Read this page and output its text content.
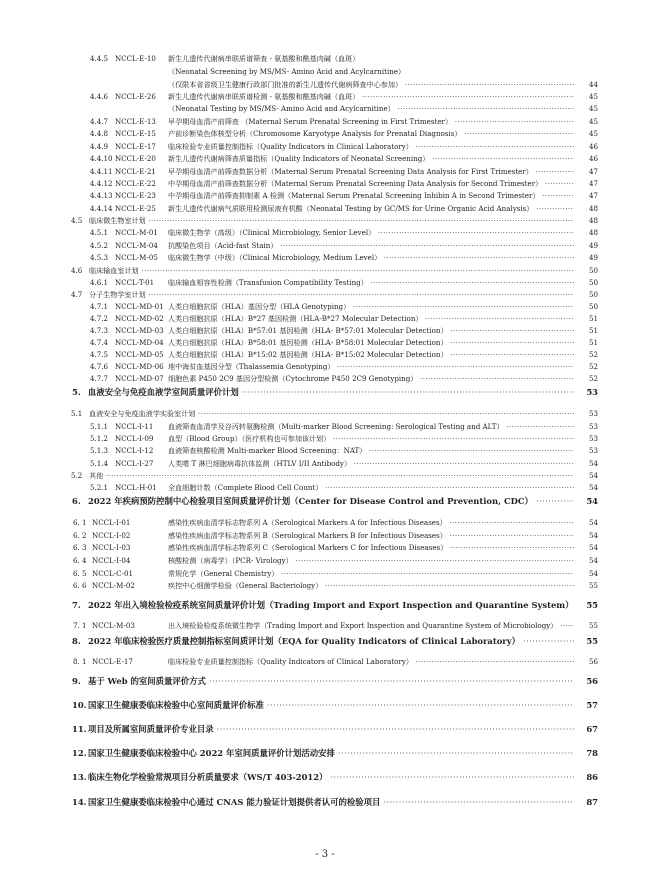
4.4.5 NCCL-E-10 新生儿遗传代谢病串联质谱筛查 - 氨基酸和酰基肉碱（血斑）
（Neonatal Screening by MS/MS- Amino Acid and Acylcarnitine）
（仅限本省省级卫生健康行政部门批准的新生儿遗传代谢病筛查中心参加） ·····	44
4.4.6 NCCL-E-26 新生儿遗传代谢病串联质谱检测 - 氨基酸和酰基肉碱（血斑） ·····	45
（Neonatal Testing by MS/MS- Amino Acid and Acylcarnitine） ·····	45
4.4.7 NCCL-E-13 早孕期母血清产前筛查 （Maternal Serum Prenatal Screening in First Trimester） ·····	45
4.4.8 NCCL-E-15 产前诊断染色体核型分析（Chromosome Karyotype Analysis for Prenatal Diagnosis） ·····	45
4.4.9 NCCL-E-17 临床检验专业质量控制指标（Quality Indicators in Clinical Laboratory） ·····	46
4.4.10 NCCL-E-20 新生儿遗传代谢病筛查质量指标（Quality Indicators of Neonatal Screening） ·····	46
4.4.11 NCCL-E-21 早孕期母血清产前筛查数据分析（Maternal Serum Prenatal Screening Data Analysis for First Trimester） ·····	47
4.4.12 NCCL-E-22 中孕期母血清产前筛查数据分析（Maternal Serum Prenatal Screening Data Analysis for Second Trimester） ·····	47
4.4.13 NCCL-E-23 中孕期母血清产前筛查抑制素 A 检测（Maternal Serum Prenatal Screening Inhibin A in Second Trimester） ·····	47
4.4.14 NCCL-E-25 新生儿遗传代谢病气质联用检测尿液有机酸（Neonatal Testing by GC/MS for Urine Organic Acid Analysis） ·····	48
4.5 临床微生物室计划 ·····	48
4.5.1 NCCL-M-01 临床微生物学（高级）（Clinical Microbiology, Senior Level） ·····	48
4.5.2 NCCL-M-04 抗酸染色项目（Acid-fast Stain） ·····	49
4.5.3 NCCL-M-05 临床微生物学（中级）（Clinical Microbiology, Medium Level） ·····	49
4.6 临床输血室计划 ·····	50
4.6.1 NCCL-T-01 临床输血相容性检测（Transfusion Compatibility Testing） ·····	50
4.7 分子生物学室计划 ·····	50
4.7.1 NCCL-MD-01 人类白细胞抗原（HLA）基因分型（HLA Genotyping） ·····	50
4.7.2 NCCL-MD-02 人类白细胞抗原（HLA）B*27 基因检测（HLA-B*27 Molecular Detection） ·····	51
4.7.3 NCCL-MD-03 人类白细胞抗原（HLA）B*57:01 基因检测（HLA- B*57:01 Molecular Detection） ·····	51
4.7.4 NCCL-MD-04 人类白细胞抗原（HLA）B*58:01 基因检测（HLA- B*58:01 Molecular Detection） ·····	51
4.7.5 NCCL-MD-05 人类白细胞抗原（HLA）B*15:02 基因检测（HLA- B*15:02 Molecular Detection） ·····	52
4.7.6 NCCL-MD-06 地中海贫血基因分型（Thalassemia Genotyping） ·····	52
4.7.7 NCCL-MD-07 细胞色素 P450 2C9 基因分型检测（Cytochrome P450 2C9 Genotyping） ·····	52
5. 血液安全与免疫血液学室间质量评价计划 ·····	53
5.1 血液安全与免疫血液学实验室计划 ·····	53
5.1.1 NCCL-I-11 血液筛查血清学及谷丙转氨酶检测（Multi-marker Blood Screening: Serological Testing and ALT） ·····	53
5.1.2 NCCL-I-09 血型（Blood Group）（医疗机构也可参加该计划） ·····	53
5.1.3 NCCL-I-12 血液筛查核酸检测 Multi-marker Blood Screening：NAT） ·····	53
5.1.4 NCCL-I-27 人类嗜 T 淋巴细胞病毒抗体监测（HTLV I/II Antibody） ·····	54
5.2 其他 ·····	54
5.2.1 NCCL-H-01 全血细胞计数（Complete Blood Cell Count） ·····	54
6. 2022 年疾病预防控制中心检验项目室间质量评价计划（Center for Disease Control and Prevention, CDC） ·····	54
6. 1 NCCL-I-01	感染性疾病血清学标志物系列 A（Serological Markers A for Infectious Diseases） ·····	54
6. 2 NCCL-I-02	感染性疾病血清学标志物系列 B（Serological Markers B for Infectious Diseases） ·····	54
6. 3 NCCL-I-03	感染性疾病血清学标志物系列 C（Serological Markers C for Infectious Diseases） ·····	54
6. 4 NCCL-I-04	核酸检测（病毒学）（PCR- Virology） ·····	54
6. 5 NCCL-C-01	常规化学（General Chemistry） ·····	54
6. 6 NCCL-M-02	疾控中心细菌学检验（General Bacteriology） ·····	55
7. 2022 年出入境检验检疫系统室间质量评价计划（Trading Import and Export Inspection and Quarantine System） ·····	55
7. 1 NCCL-M-03	出入境检验检疫系统微生物学（Trading Import and Export Inspection and Quarantine System of Microbiology） ·····	55
8. 2022 年临床检验医疗质量控制指标室间质评计划（EQA for Quality Indicators of Clinical Laboratory） ·····	55
8. 1 NCCL-E-17	临床检验专业质量控制指标（Quality Indicators of Clinical Laboratory） ·····	56
9. 基于 Web 的室间质量评价方式 ·····	56
10. 国家卫生健康委临床检验中心室间质量评价标准 ·····	57
11. 项目及所属室间质量评价专业目录 ·····	67
12. 国家卫生健康委临床检验中心 2022 年室间质量评价计划活动安排 ·····	78
13. 临床生物化学检验常规项目分析质量要求（WS/T 403-2012） ·····	86
14. 国家卫生健康委临床检验中心通过 CNAS 能力验证计划提供者认可的检验项目 ·····	87
- 3 -
